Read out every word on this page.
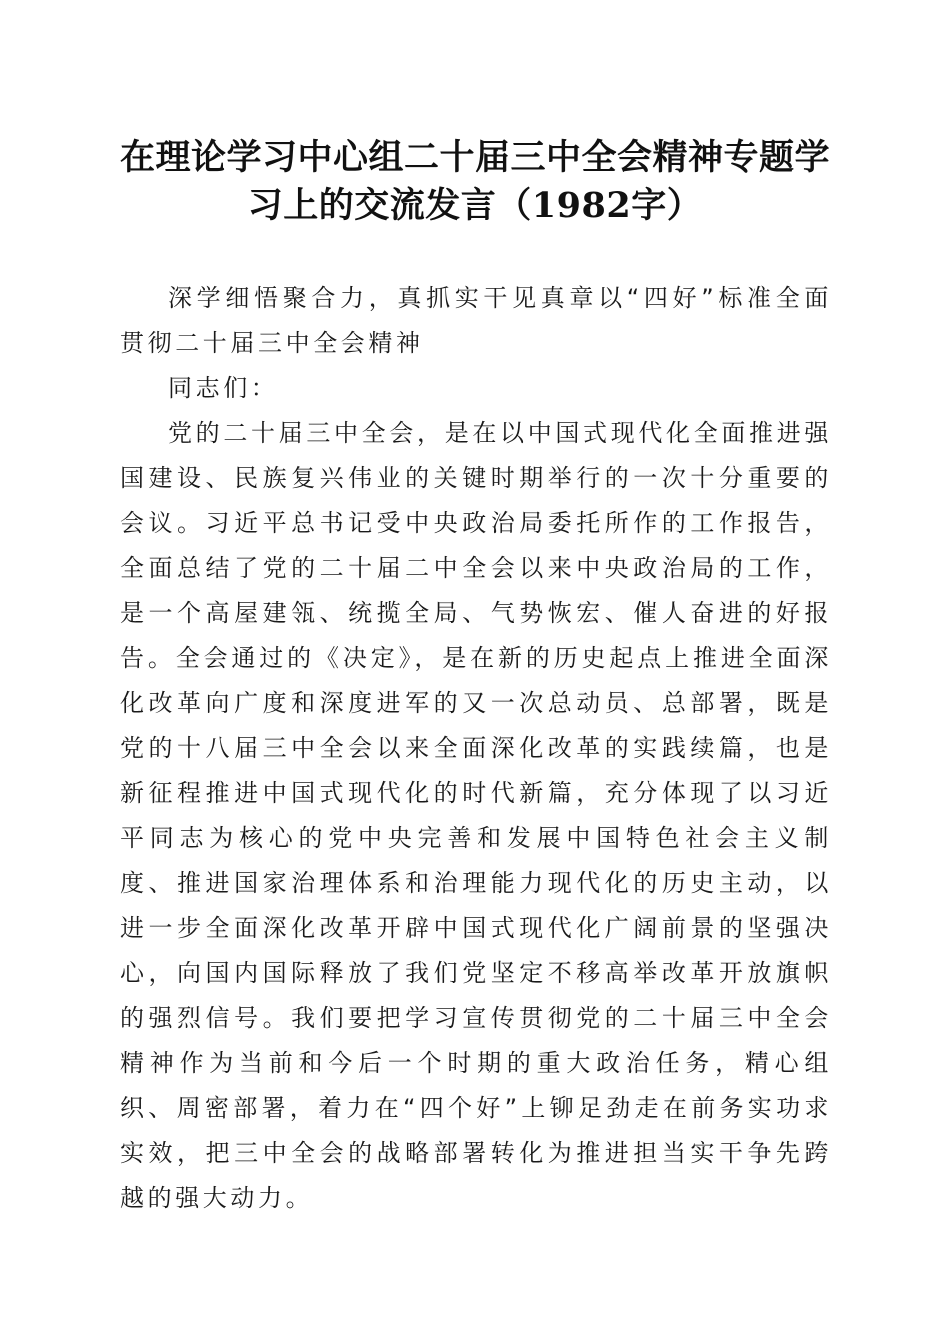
在理论学习中心组二十届三中全会精神专题学习上的交流发言（1982字）

深学细悟聚合力，真抓实干见真章以“四好”标准全面贯彻二十届三中全会精神

同志们：

党的二十届三中全会，是在以中国式现代化全面推进强国建设、民族复兴伟业的关键时期举行的一次十分重要的会议。习近平总书记受中央政治局委托所作的工作报告，全面总结了党的二十届二中全会以来中央政治局的工作，是一个高屋建瓴、统揽全局、气势恢宏、催人奋进的好报告。全会通过的《决定》，是在新的历史起点上推进全面深化改革向广度和深度进军的又一次总动员、总部署，既是党的十八届三中全会以来全面深化改革的实践续篇，也是新征程推进中国式现代化的时代新篇，充分体现了以习近平同志为核心的党中央完善和发展中国特色社会主义制度、推进国家治理体系和治理能力现代化的历史主动，以进一步全面深化改革开辟中国式现代化广阔前景的坚强决心，向国内国际释放了我们党坚定不移高举改革开放旗帜的强烈信号。我们要把学习宣传贯彻党的二十届三中全会精神作为当前和今后一个时期的重大政治任务，精心组织、周密部署，着力在“四个好”上铆足劲走在前务实功求实效，把三中全会的战略部署转化为推进担当实干争先跨越的强大动力。
